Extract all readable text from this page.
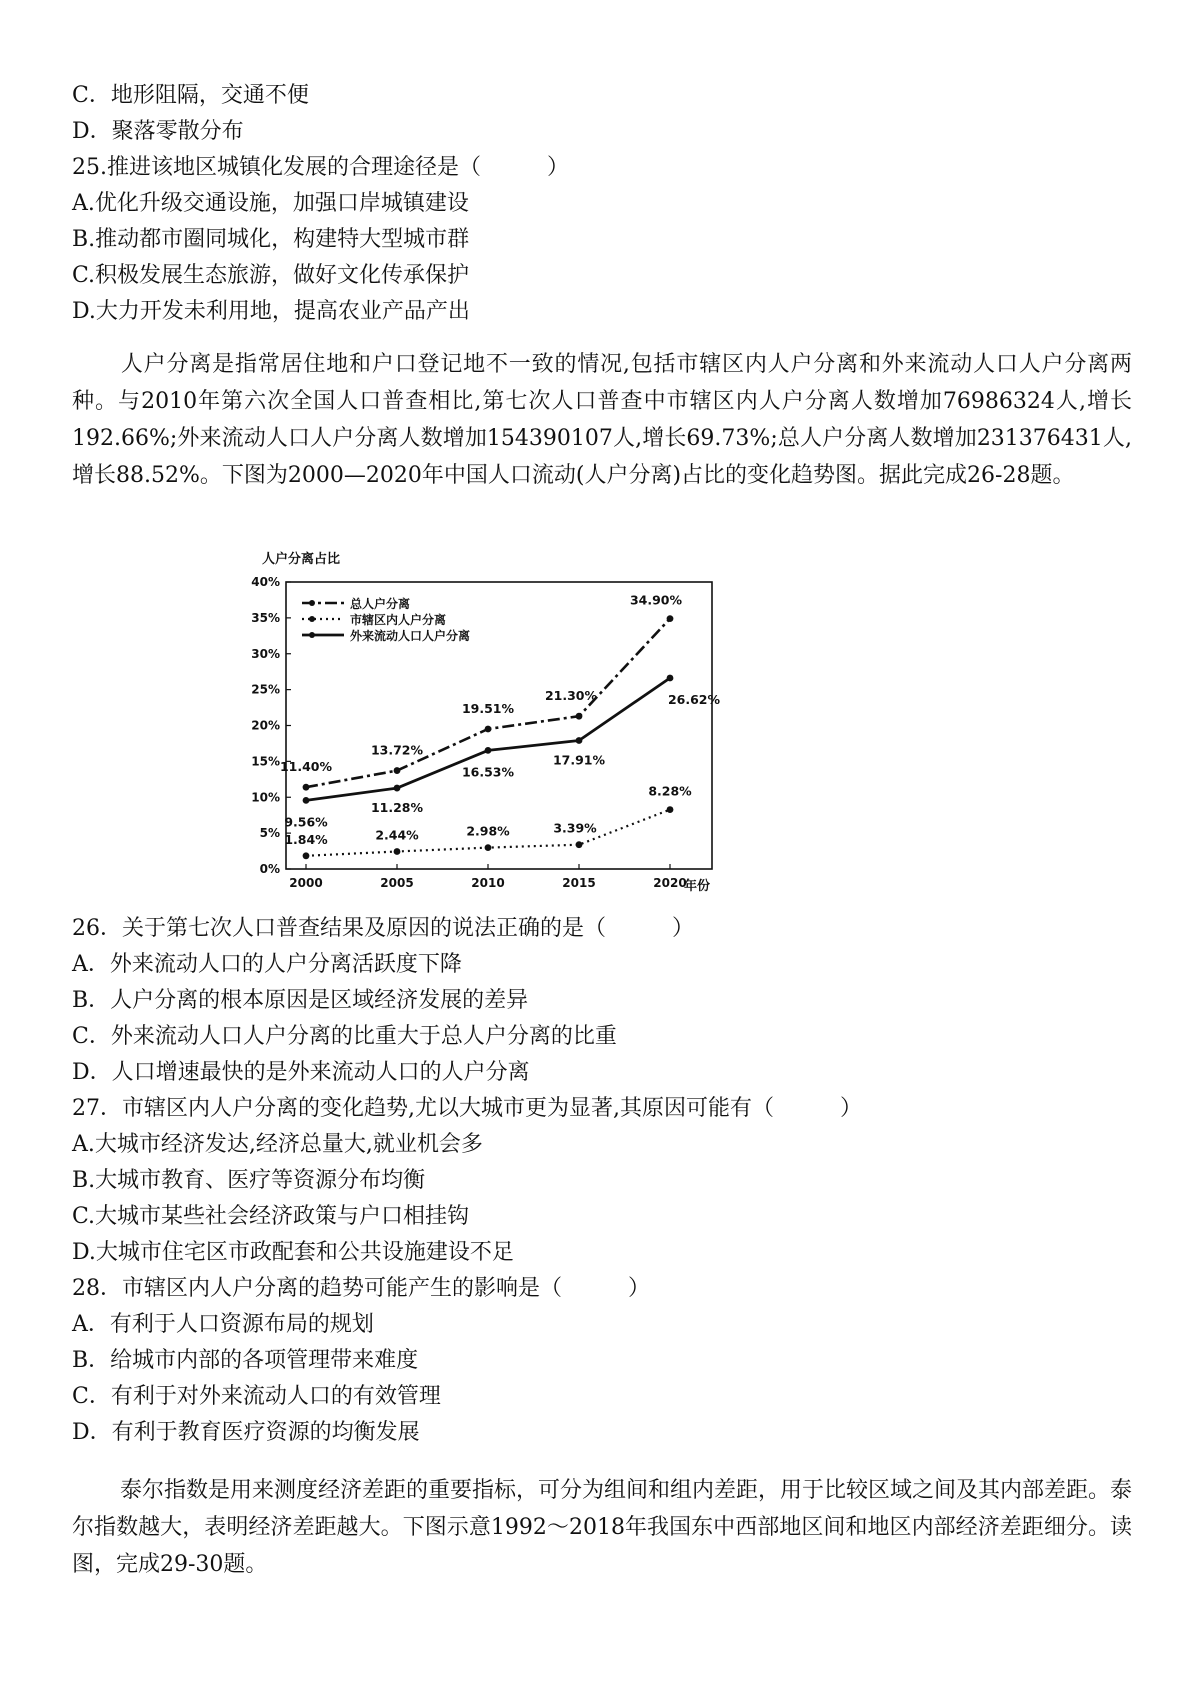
C．地形阻隔，交通不便
D．聚落零散分布
25.推进该地区城镇化发展的合理途径是（　　　）
A.优化升级交通设施，加强口岸城镇建设
B.推动都市圈同城化，构建特大型城市群
C.积极发展生态旅游，做好文化传承保护
D.大力开发未利用地，提高农业产品产出

人户分离是指常居住地和户口登记地不一致的情况,包括市辖区内人户分离和外来流动人口人户分离两种。与2010年第六次全国人口普查相比,第七次人口普查中市辖区内人户分离人数增加76986324人,增长192.66%;外来流动人口人户分离人数增加154390107人,增长69.73%;总人户分离人数增加231376431人,增长88.52%。下图为2000—2020年中国人口流动(人户分离)占比的变化趋势图。据此完成26-28题。

人户分离占比
0%
5%
10%
15%
20%
25%
30%
35%
40%
2000	2005	2010	2015	2020
总人户分离
市辖区内人户分离
外来流动人口人户分离
11.40%
13.72%
19.51%
21.30%
34.90%
1.84%	2.44%	2.98%	3.39%
8.28%
9.56%
11.28%
16.53%
17.91%
26.62%
年份
26．关于第七次人口普查结果及原因的说法正确的是（　　　）
A．外来流动人口的人户分离活跃度下降
B．人户分离的根本原因是区域经济发展的差异
C．外来流动人口人户分离的比重大于总人户分离的比重
D．人口增速最快的是外来流动人口的人户分离
27．市辖区内人户分离的变化趋势,尤以大城市更为显著,其原因可能有（　　　）
A.大城市经济发达,经济总量大,就业机会多
B.大城市教育、医疗等资源分布均衡
C.大城市某些社会经济政策与户口相挂钩
D.大城市住宅区市政配套和公共设施建设不足
28．市辖区内人户分离的趋势可能产生的影响是（　　　）
A．有利于人口资源布局的规划
B．给城市内部的各项管理带来难度
C．有利于对外来流动人口的有效管理
D．有利于教育医疗资源的均衡发展

泰尔指数是用来测度经济差距的重要指标，可分为组间和组内差距，用于比较区域之间及其内部差距。泰尔指数越大，表明经济差距越大。下图示意1992～2018年我国东中西部地区间和地区内部经济差距细分。读图，完成29-30题。
